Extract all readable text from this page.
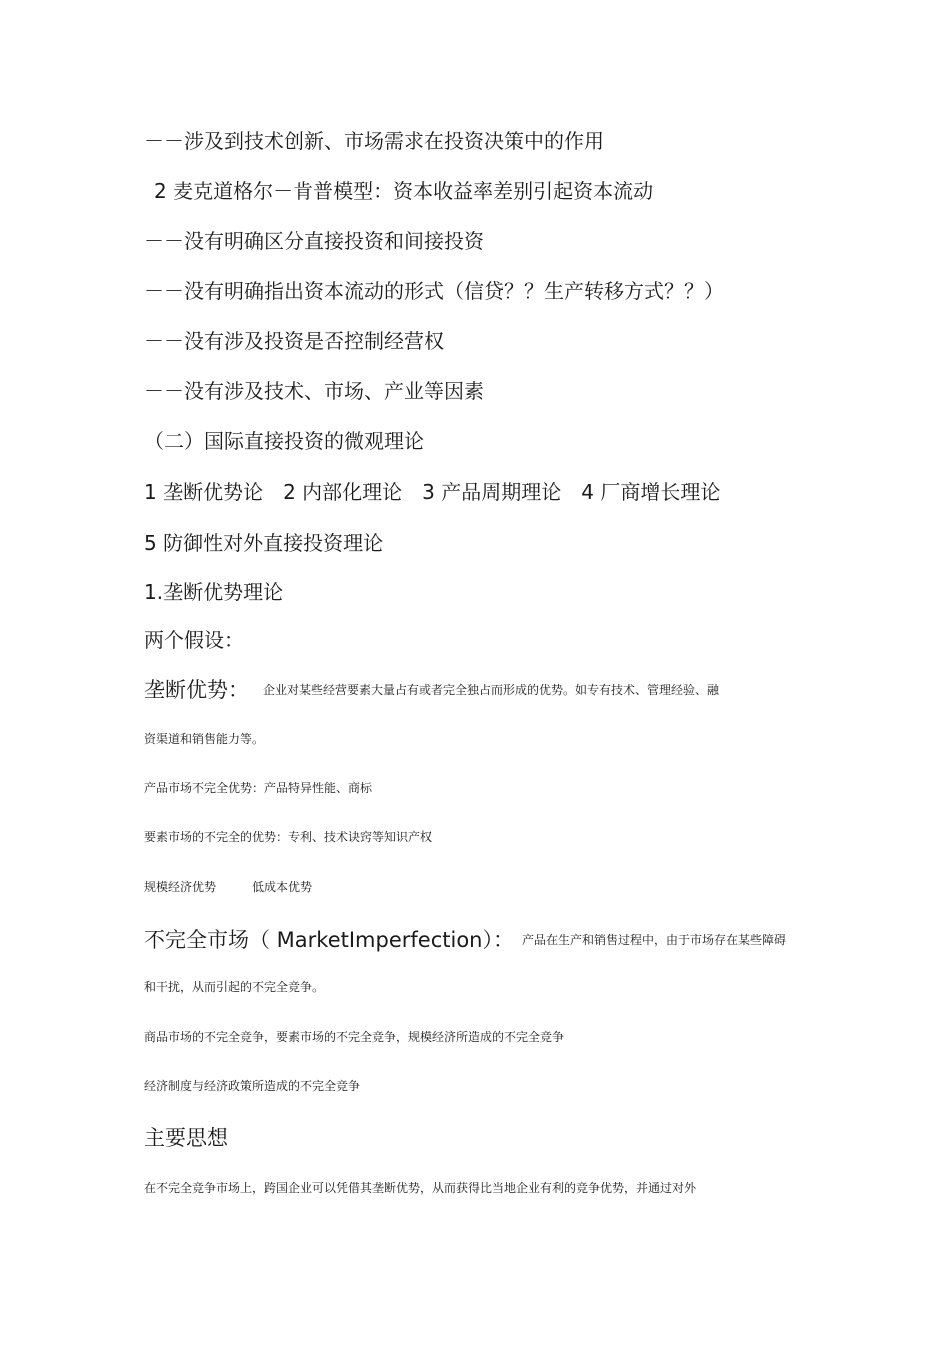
－－涉及到技术创新、市场需求在投资决策中的作用
2 麦克道格尔－肯普模型：资本收益率差别引起资本流动
－－没有明确区分直接投资和间接投资
－－没有明确指出资本流动的形式（信贷？？生产转移方式？？）
－－没有涉及投资是否控制经营权
－－没有涉及技术、市场、产业等因素
（二）国际直接投资的微观理论
1 垄断优势论　2 内部化理论　3 产品周期理论　4 厂商增长理论
5 防御性对外直接投资理论
1.垄断优势理论
两个假设：
垄断优势： 企业对某些经营要素大量占有或者完全独占而形成的优势。如专有技术、管理经验、融
资渠道和销售能力等。
产品市场不完全优势：产品特异性能、商标
要素市场的不完全的优势：专利、技术诀窍等知识产权
规模经济优势	低成本优势
不完全市场（ MarketImperfection）： 产品在生产和销售过程中，由于市场存在某些障碍
和干扰，从而引起的不完全竞争。
商品市场的不完全竞争，要素市场的不完全竞争，规模经济所造成的不完全竞争
经济制度与经济政策所造成的不完全竞争
主要思想
在不完全竞争市场上，跨国企业可以凭借其垄断优势，从而获得比当地企业有利的竞争优势，并通过对外
